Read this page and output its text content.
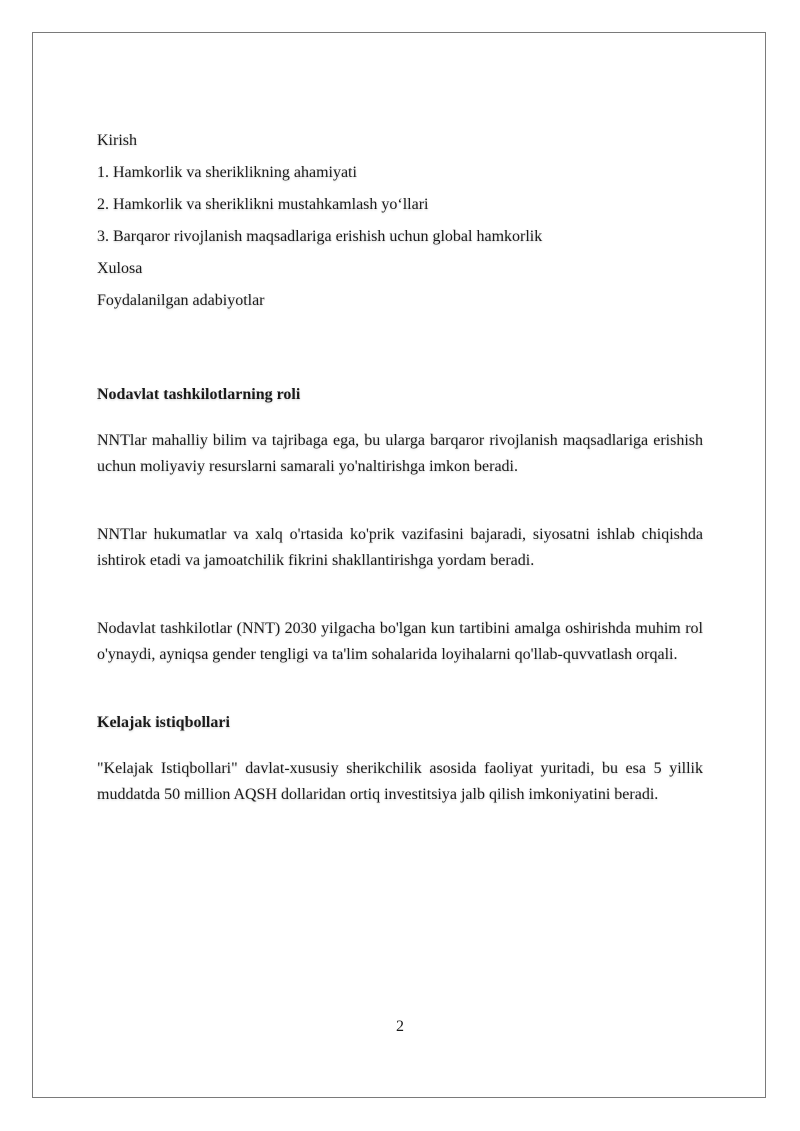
Kirish

1. Hamkorlik va sheriklikning ahamiyati

2. Hamkorlik va sheriklikni mustahkamlash yo‘llari

3. Barqaror rivojlanish maqsadlariga erishish uchun global hamkorlik

Xulosa

Foydalanilgan adabiyotlar

Nodavlat tashkilotlarning roli

NNTlar mahalliy bilim va tajribaga ega, bu ularga barqaror rivojlanish maqsadlariga erishish uchun moliyaviy resurslarni samarali yo'naltirishga imkon beradi.

NNTlar hukumatlar va xalq o'rtasida ko'prik vazifasini bajaradi, siyosatni ishlab chiqishda ishtirok etadi va jamoatchilik fikrini shakllantirishga yordam beradi.

Nodavlat tashkilotlar (NNT) 2030 yilgacha bo'lgan kun tartibini amalga oshirishda muhim rol o'ynaydi, ayniqsa gender tengligi va ta'lim sohalarida loyihalarni qo'llab-quvvatlash orqali.

Kelajak istiqbollari

"Kelajak Istiqbollari" davlat-xususiy sherikchilik asosida faoliyat yuritadi, bu esa 5 yillik muddatda 50 million AQSH dollaridan ortiq investitsiya jalb qilish imkoniyatini beradi.

2
